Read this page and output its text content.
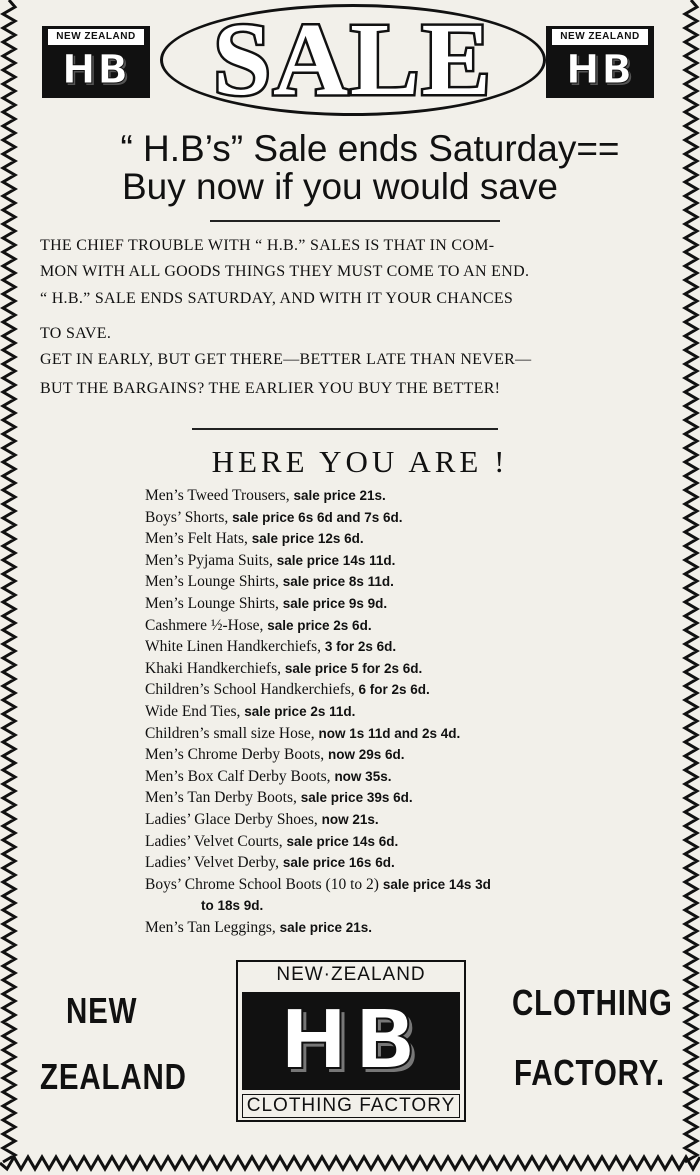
NEW ZEALAND
HB SALE	NEW ZEALAND
HB
“ H.B’s” Sale ends Saturday==
Buy now if you would save
THE CHIEF TROUBLE WITH “ H.B.” SALES IS THAT IN COM-
MON WITH ALL GOODS THINGS THEY MUST COME TO AN END.
“ H.B.” SALE ENDS SATURDAY, AND WITH IT YOUR CHANCES
TO SAVE.
GET IN EARLY, BUT GET THERE—BETTER LATE THAN NEVER—
BUT THE BARGAINS? THE EARLIER YOU BUY THE BETTER!
HERE YOU ARE !
Men’s Tweed Trousers, sale price 21s.
Boys’ Shorts, sale price 6s 6d and 7s 6d.
Men’s Felt Hats, sale price 12s 6d.
Men’s Pyjama Suits, sale price 14s 11d.
Men’s Lounge Shirts, sale price 8s 11d.
Men’s Lounge Shirts, sale price 9s 9d.
Cashmere ½-Hose, sale price 2s 6d.
White Linen Handkerchiefs, 3 for 2s 6d.
Khaki Handkerchiefs, sale price 5 for 2s 6d.
Children’s School Handkerchiefs, 6 for 2s 6d.
Wide End Ties, sale price 2s 11d.
Children’s small size Hose, now 1s 11d and 2s 4d.
Men’s Chrome Derby Boots, now 29s 6d.
Men’s Box Calf Derby Boots, now 35s.
Men’s Tan Derby Boots, sale price 39s 6d.
Ladies’ Glace Derby Shoes, now 21s.
Ladies’ Velvet Courts, sale price 14s 6d.
Ladies’ Velvet Derby, sale price 16s 6d.
Boys’ Chrome School Boots (10 to 2) sale price 14s 3d
to 18s 9d.
Men’s Tan Leggings, sale price 21s.
NEW
ZEALAND
CLOTHING
FACTORY.
NEW·ZEALAND
HB
CLOTHING FACTORY
